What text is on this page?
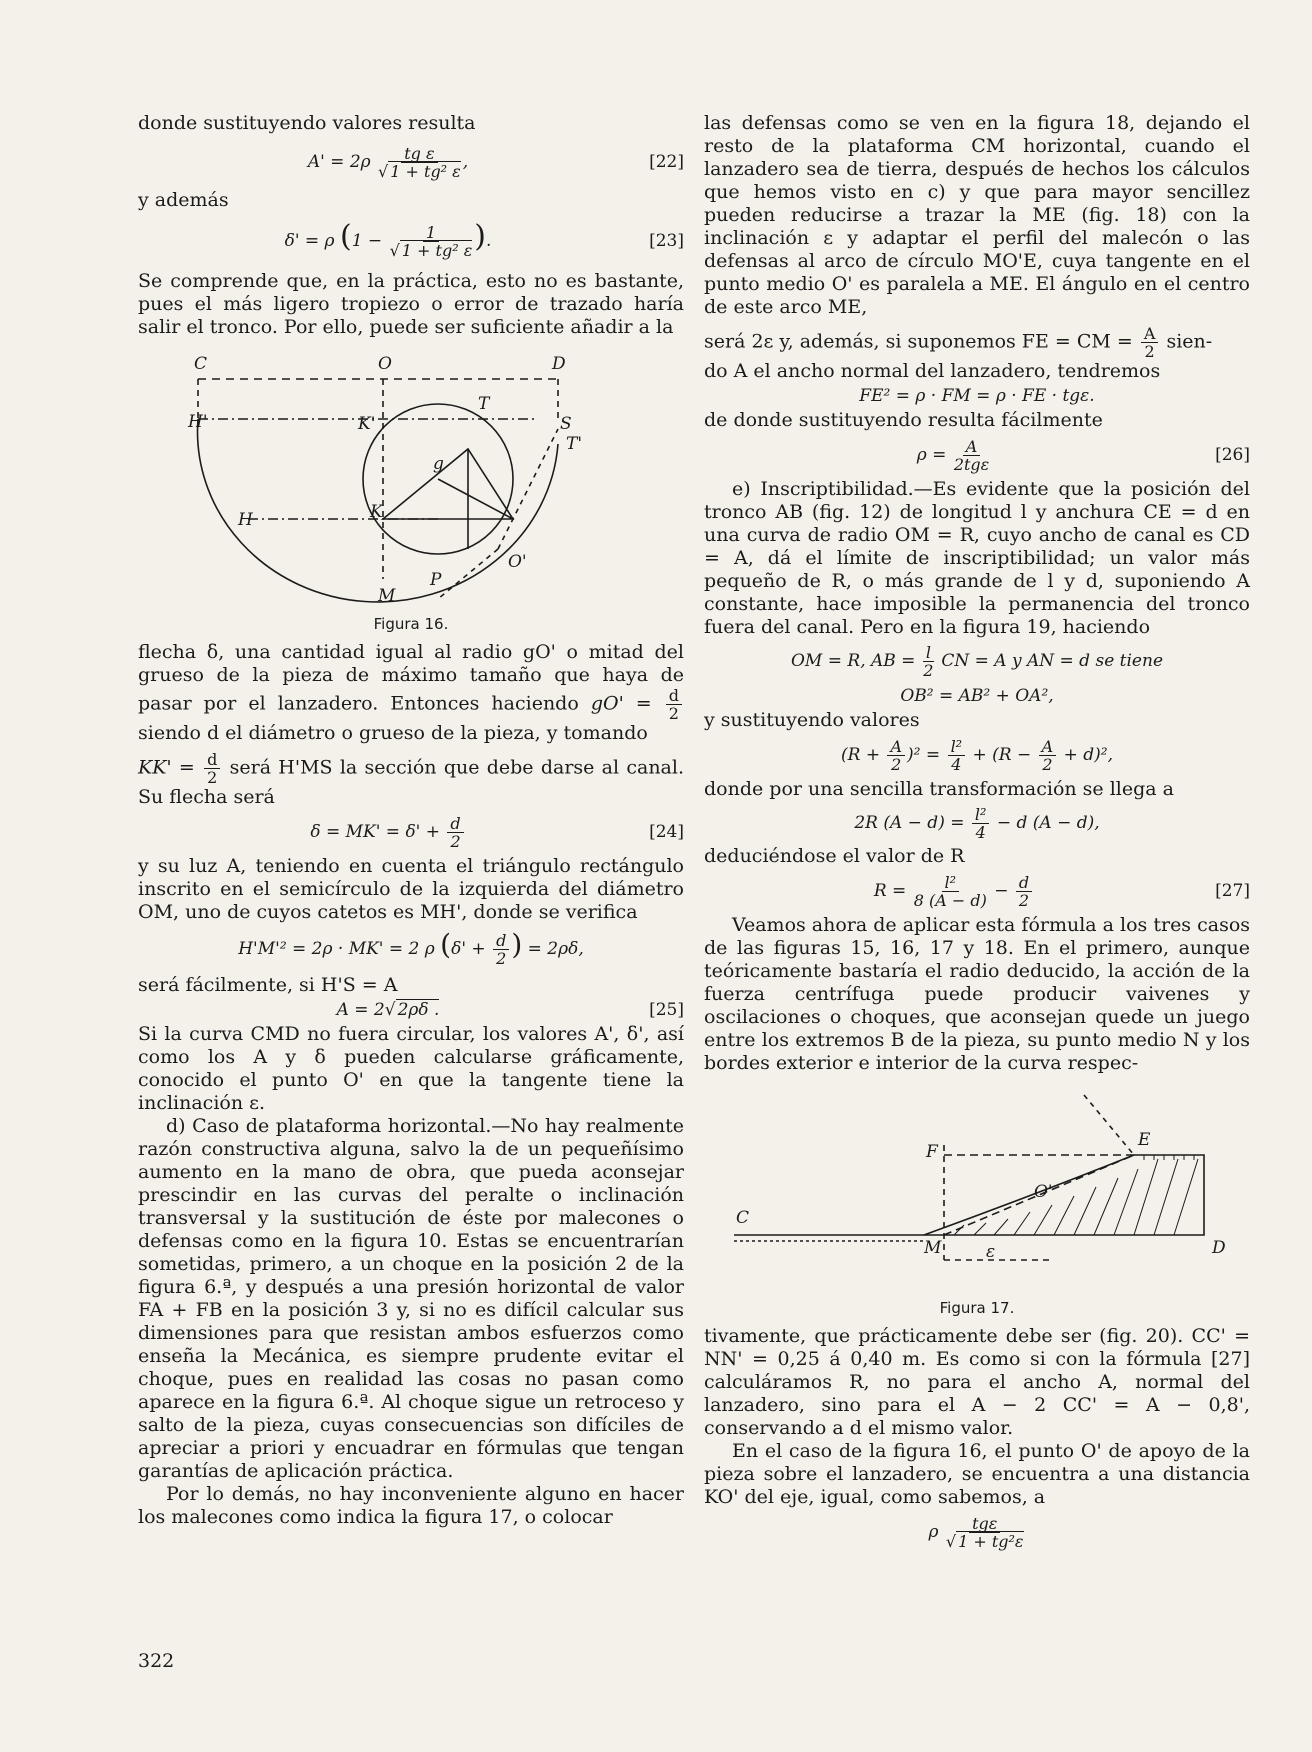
donde sustituyendo valores resulta

$A' = 2\rho \frac{\text{tg ε}}{\text{√ 1 + tg² ε}}$ ,	[22]

y además

δ' = ρ ($1 - \frac{1}{\text{√ 1 + tg² ε}}$ ).	[23]

Se comprende que, en la práctica, esto no es bastante, pues el más ligero tropiezo o error de trazado haría salir el tronco. Por ello, puede ser suficiente añadir a la

C	O	D
H'	K'
T
S
T'
g
K
H
O'
P
M
Figura 16.

flecha δ, una cantidad igual al radio gO' o mitad del grueso de la pieza de máximo tamaño que haya de pasar por el lanzadero. Entonces haciendo $gO' = \frac{d}{2}$
siendo d el diámetro o grueso de la pieza, y tomando

$KK' = \frac{d}{2}$ será H'MS la sección que debe darse al canal. Su flecha será

$\delta = MK' = \delta' + \frac{d}{2}$	[24]

y su luz A, teniendo en cuenta el triángulo rectángulo inscrito en el semicírculo de la izquierda del diámetro OM, uno de cuyos catetos es MH', donde se verifica

H'M'² = 2ρ · MK' = 2 ρ ($\delta' + \frac{d}{2}$ ) = 2ρδ,

será fácilmente, si H'S = A

A = 2√ 2ρδ .	[25]

Si la curva CMD no fuera circular, los valores A', δ', así como los A y δ pueden calcularse gráficamente, conocido el punto O' en que la tangente tiene la inclinación ε.

d) Caso de plataforma horizontal.—No hay realmente razón constructiva alguna, salvo la de un pequeñísimo aumento en la mano de obra, que pueda aconsejar prescindir en las curvas del peralte o inclinación transversal y la sustitución de éste por malecones o defensas como en la figura 10. Estas se encuentrarían sometidas, primero, a un choque en la posición 2 de la figura 6.ª, y después a una presión horizontal de valor FA + FB en la posición 3 y, si no es difícil calcular sus dimensiones para que resistan ambos esfuerzos como enseña la Mecánica, es siempre prudente evitar el choque, pues en realidad las cosas no pasan como aparece en la figura 6.ª. Al choque sigue un retroceso y salto de la pieza, cuyas consecuencias son difíciles de apreciar a priori y encuadrar en fórmulas que tengan garantías de aplicación práctica.

Por lo demás, no hay inconveniente alguno en hacer los malecones como indica la figura 17, o colocar

las defensas como se ven en la figura 18, dejando el resto de la plataforma CM horizontal, cuando el lanzadero sea de tierra, después de hechos los cálculos que hemos visto en c) y que para mayor sencillez pueden reducirse a trazar la ME (fig. 18) con la inclinación ε y adaptar el perfil del malecón o las defensas al arco de círculo MO'E, cuya tangente en el punto medio O' es paralela a ME. El ángulo en el centro de este arco ME,

será 2ε y, además, si suponemos FE = CM = $\frac{A}{2}$ sien-

do A el ancho normal del lanzadero, tendremos

FE² = ρ · FM = ρ · FE · tgε.

de donde sustituyendo resulta fácilmente

$\rho = \frac{A}{\text{2tgε}}$	[26]

e) Inscriptibilidad.—Es evidente que la posición del tronco AB (fig. 12) de longitud l y anchura CE = d en una curva de radio OM = R, cuyo ancho de canal es CD = A, dá el límite de inscriptibilidad; un valor más pequeño de R, o más grande de l y d, suponiendo A constante, hace imposible la permanencia del tronco fuera del canal. Pero en la figura 19, haciendo

OM = R, AB = $\frac{l}{2}$ CN = A y AN = d se tiene
OB² = AB² + OA²,

y sustituyendo valores

$(R + \frac{A}{2} )^2 = \frac{\text{l²}}{4} + (R - \frac{A}{2} + d)^2$,

donde por una sencilla transformación se llega a

2R $(A - d) = \frac{\text{l²}}{4} - d$ (A − d),

deduciéndose el valor de R

$R = \frac{\text{l²}}{8 (A - d)} - \frac{d}{2}$	[27]

Veamos ahora de aplicar esta fórmula a los tres casos de las figuras 15, 16, 17 y 18. En el primero, aunque teóricamente bastaría el radio deducido, la acción de la fuerza centrífuga puede producir vaivenes y oscilaciones o choques, que aconsejan quede un juego entre los extremos B de la pieza, su punto medio N y los bordes exterior e interior de la curva respec-

F
E
O'
C
M	ε	D
Figura 17.

tivamente, que prácticamente debe ser (fig. 20). CC' = NN' = 0,25 á 0,40 m. Es como si con la fórmula [27] calculáramos R, no para el ancho A, normal del lanzadero, sino para el A − 2 CC' = A − 0,8', conservando a d el mismo valor.

En el caso de la figura 16, el punto O' de apoyo de la pieza sobre el lanzadero, se encuentra a una distancia KO' del eje, igual, como sabemos, a

ρ $\frac{\text{tgε}}{\text{√ 1 + tg²ε}}$
322
